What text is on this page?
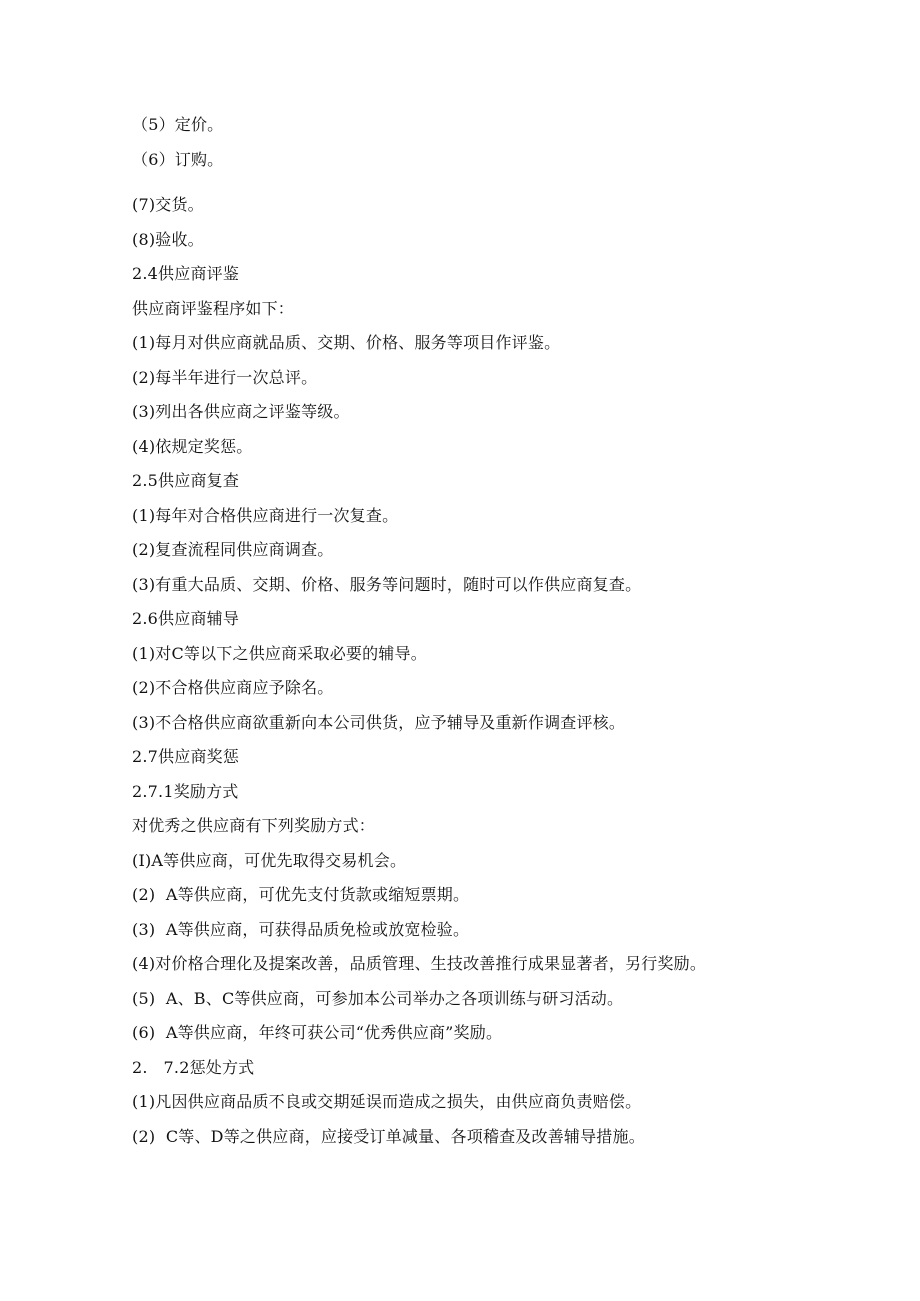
（5）定价。
（6）订购。
(7)交货。
(8)验收。
2.4供应商评鉴
供应商评鉴程序如下：
(1)每月对供应商就品质、交期、价格、服务等项目作评鉴。
(2)每半年进行一次总评。
(3)列出各供应商之评鉴等级。
(4)依规定奖惩。
2.5供应商复查
(1)每年对合格供应商进行一次复查。
(2)复查流程同供应商调查。
(3)有重大品质、交期、价格、服务等问题时，随时可以作供应商复查。
2.6供应商辅导
(1)对C等以下之供应商采取必要的辅导。
(2)不合格供应商应予除名。
(3)不合格供应商欲重新向本公司供货，应予辅导及重新作调查评核。
2.7供应商奖惩
2.7.1奖励方式
对优秀之供应商有下列奖励方式：
(I)A等供应商，可优先取得交易机会。
(2)  A等供应商，可优先支付货款或缩短票期。
(3)  A等供应商，可获得品质免检或放宽检验。
(4)对价格合理化及提案改善，品质管理、生技改善推行成果显著者，另行奖励。
(5)  A、B、C等供应商，可参加本公司举办之各项训练与研习活动。
(6)  A等供应商，年终可获公司“优秀供应商”奖励。
2.   7.2惩处方式
(1)凡因供应商品质不良或交期延误而造成之损失，由供应商负责赔偿。
(2)  C等、D等之供应商，应接受订单减量、各项稽查及改善辅导措施。
